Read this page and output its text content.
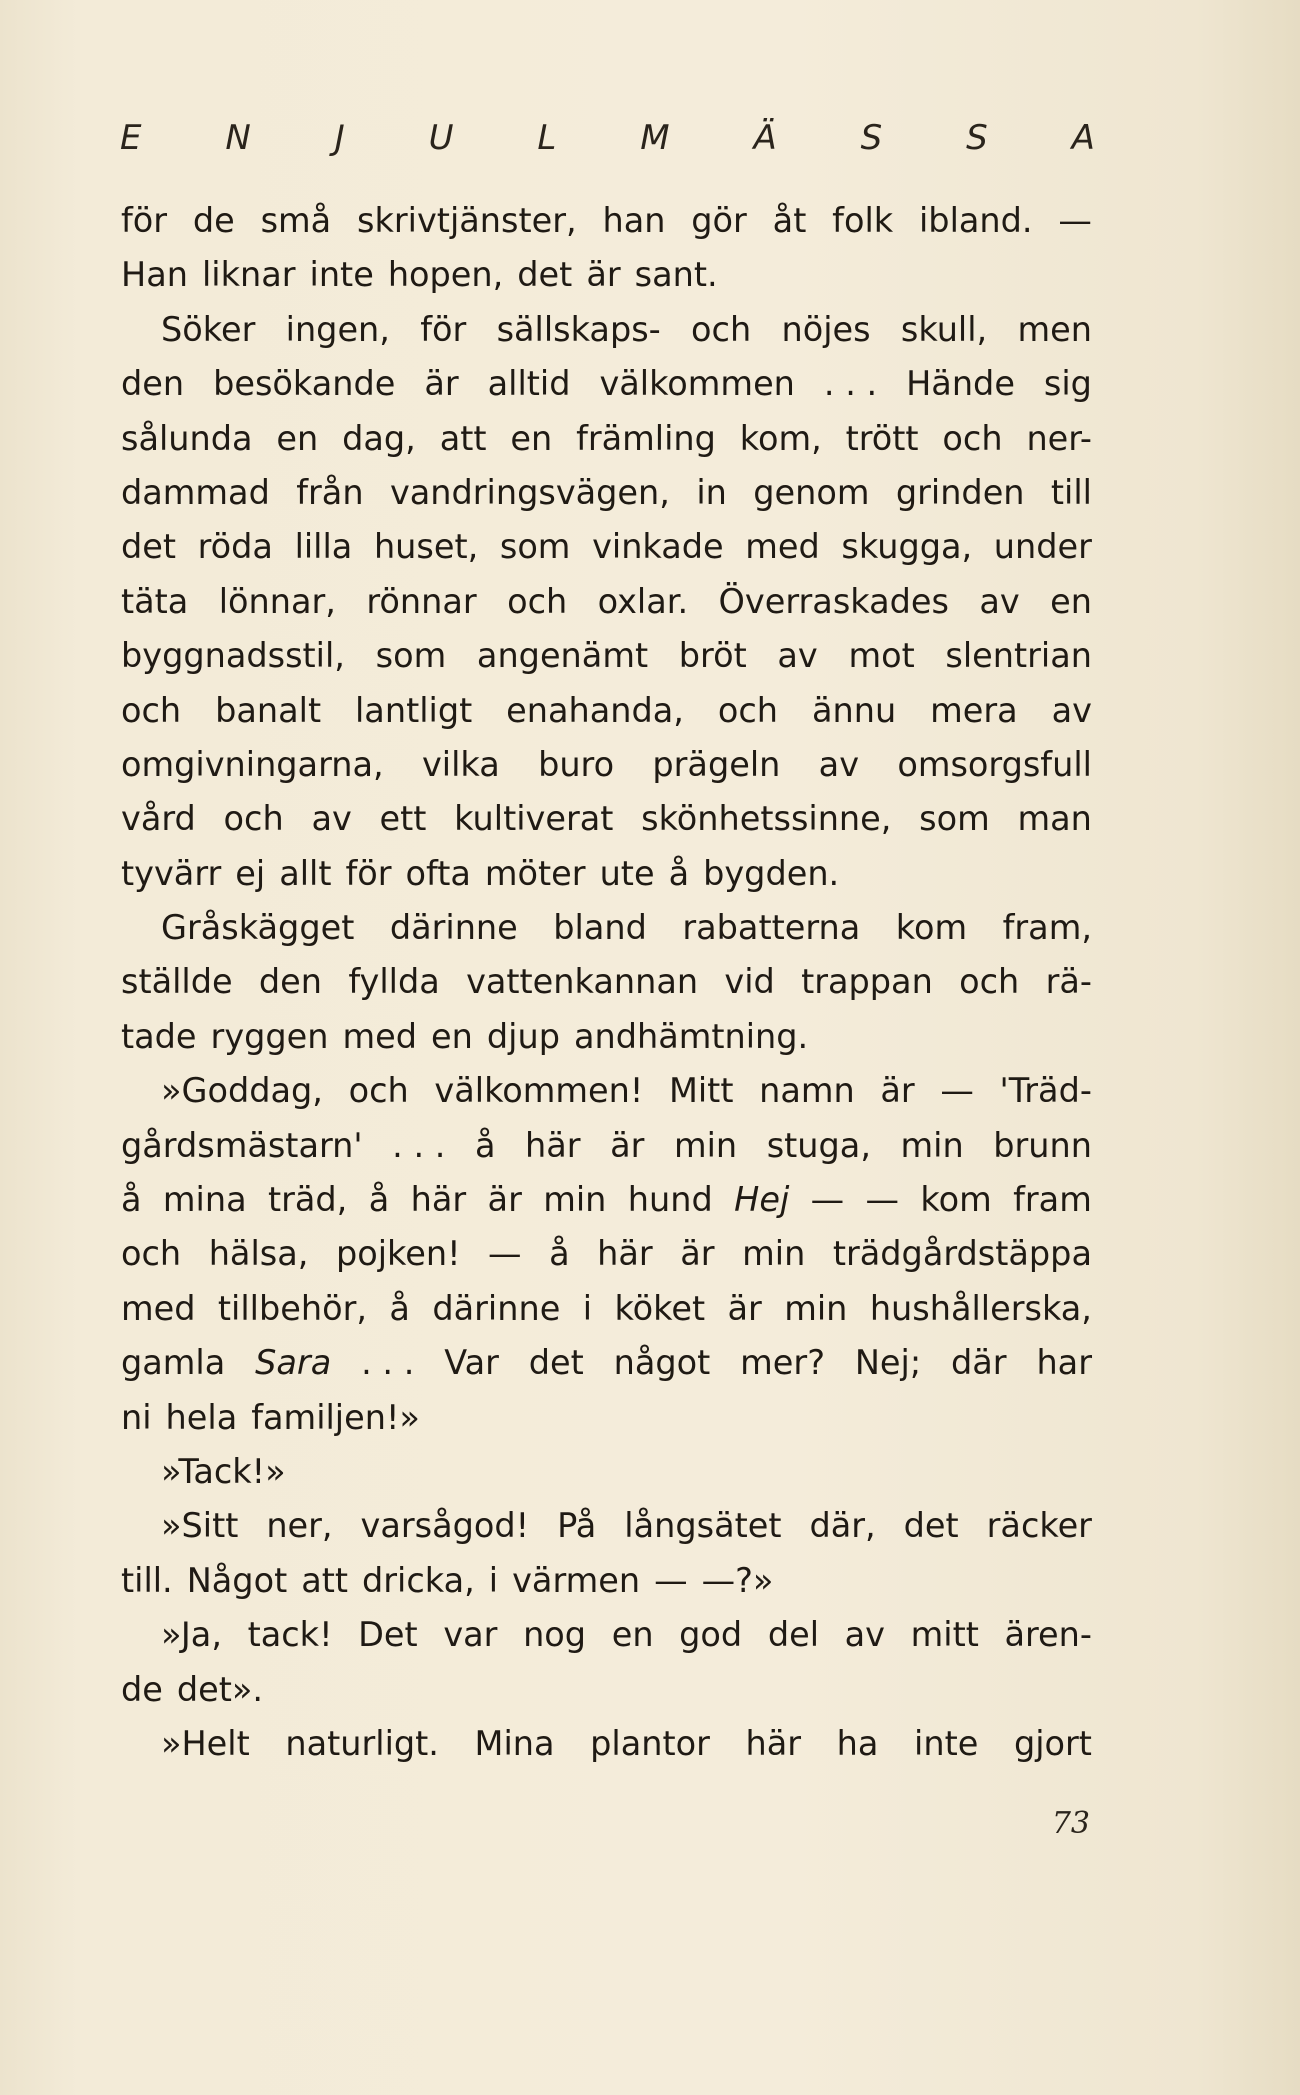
E N J U L M Ä S S A
för de små skrivtjänster, han gör åt folk ibland. —
Han liknar inte hopen, det är sant.
Söker ingen, för sällskaps- och nöjes skull, men
den besökande är alltid välkommen . . . Hände sig
sålunda en dag, att en främling kom, trött och ner-
dammad från vandringsvägen, in genom grinden till
det röda lilla huset, som vinkade med skugga, under
täta lönnar, rönnar och oxlar. Överraskades av en
byggnadsstil, som angenämt bröt av mot slentrian
och banalt lantligt enahanda, och ännu mera av
omgivningarna, vilka buro prägeln av omsorgsfull
vård och av ett kultiverat skönhetssinne, som man
tyvärr ej allt för ofta möter ute å bygden.
Gråskägget därinne bland rabatterna kom fram,
ställde den fyllda vattenkannan vid trappan och rä-
tade ryggen med en djup andhämtning.
»Goddag, och välkommen! Mitt namn är — 'Träd-
gårdsmästarn' . . . å här är min stuga, min brunn
å mina träd, å här är min hund Hej — — kom fram
och hälsa, pojken! — å här är min trädgårdstäppa
med tillbehör, å därinne i köket är min hushållerska,
gamla Sara . . . Var det något mer? Nej; där har
ni hela familjen!»
»Tack!»
»Sitt ner, varsågod! På långsätet där, det räcker
till. Något att dricka, i värmen — —?»
»Ja, tack! Det var nog en god del av mitt ären-
de det».
»Helt naturligt. Mina plantor här ha inte gjort
73
